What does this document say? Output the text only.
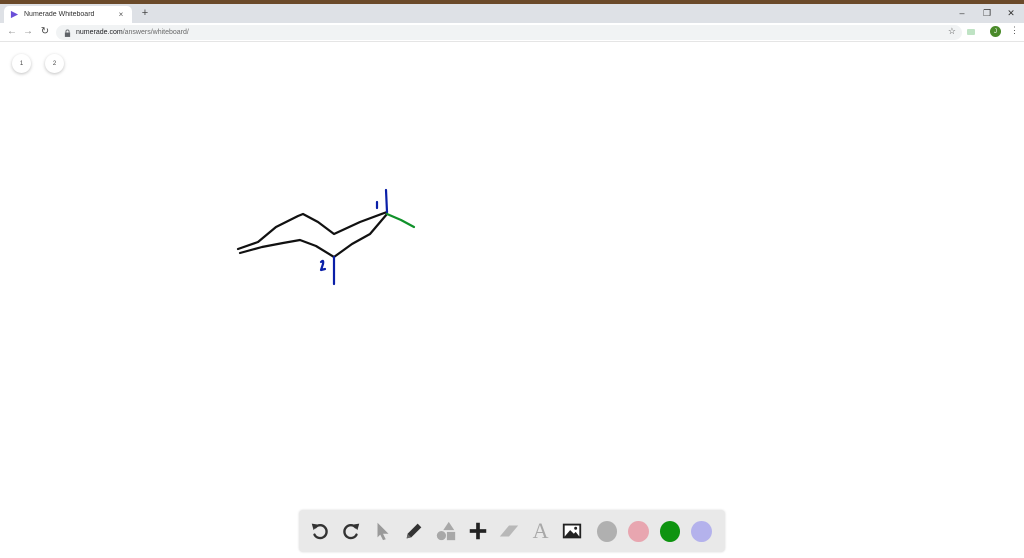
Numerade Whiteboard	× +	–	❐	✕
← → ↻	numerade.com /answers/whiteboard/	☆	J	⋮
1	2
A
